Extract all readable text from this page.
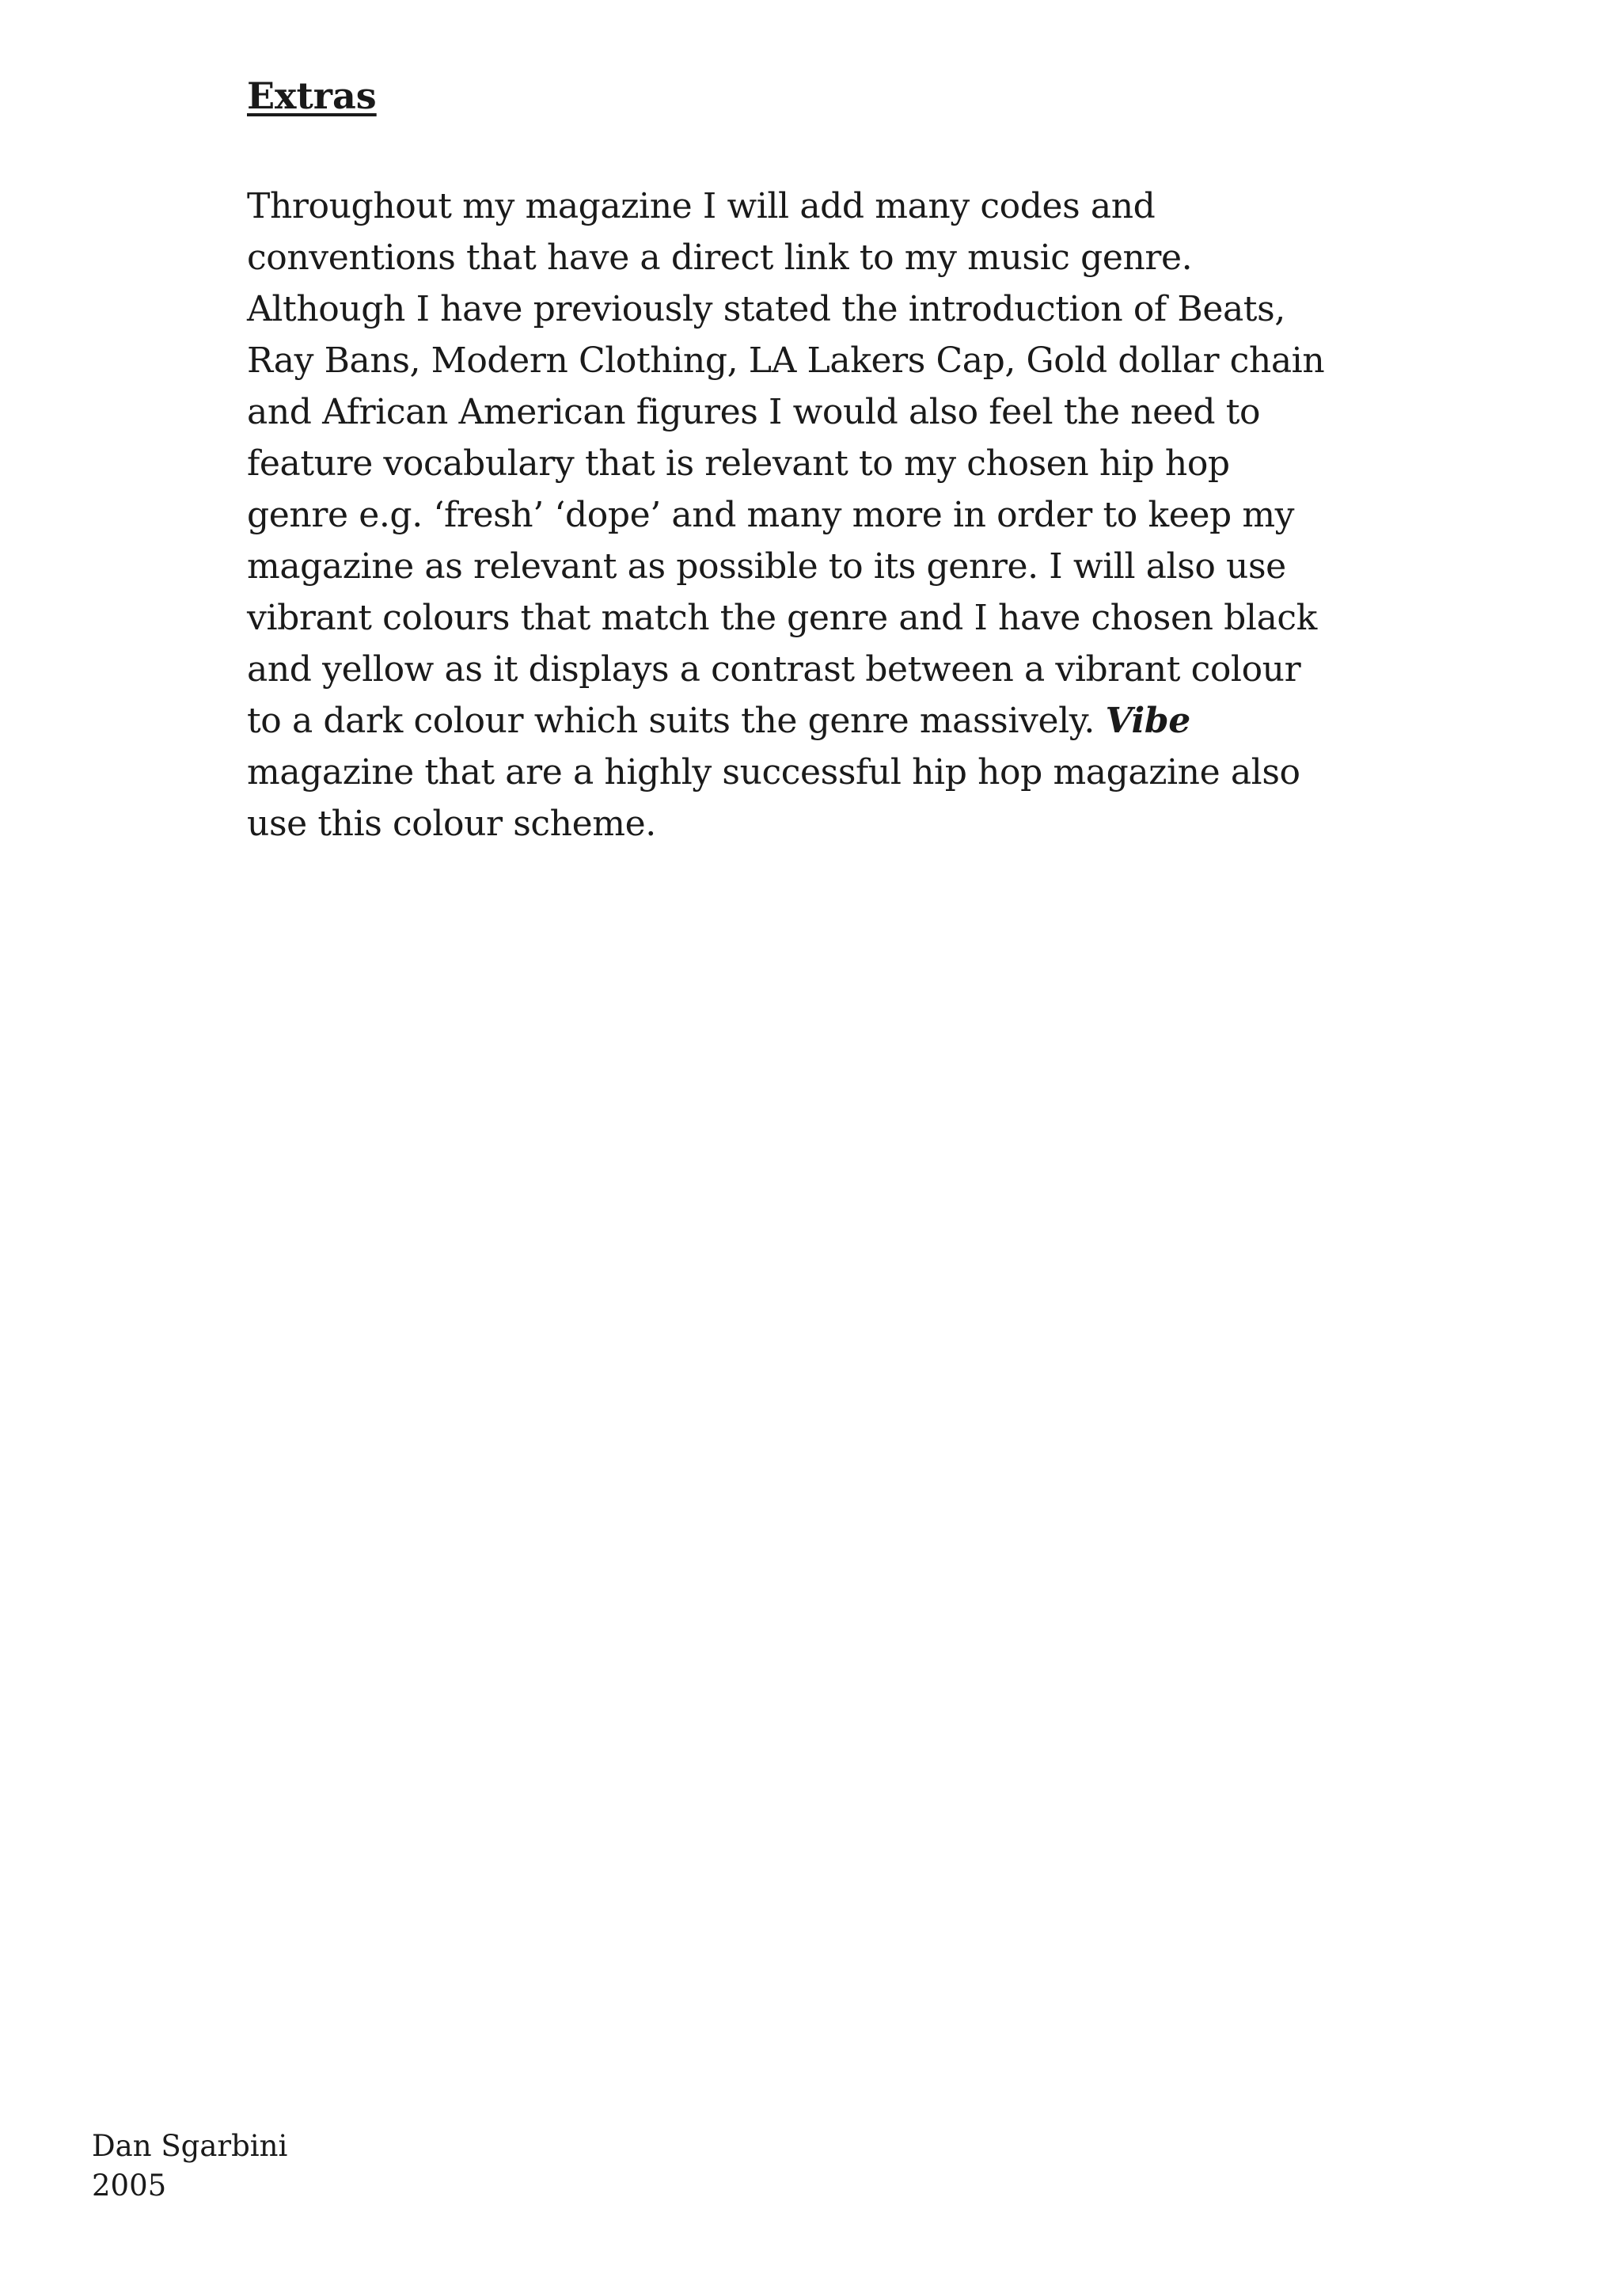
Extras

Throughout my magazine I will add many codes and
conventions that have a direct link to my music genre.
Although I have previously stated the introduction of Beats,
Ray Bans, Modern Clothing, LA Lakers Cap, Gold dollar chain
and African American figures I would also feel the need to
feature vocabulary that is relevant to my chosen hip hop
genre e.g. ‘fresh’ ‘dope’ and many more in order to keep my
magazine as relevant as possible to its genre. I will also use
vibrant colours that match the genre and I have chosen black
and yellow as it displays a contrast between a vibrant colour
to a dark colour which suits the genre massively. Vibe
magazine that are a highly successful hip hop magazine also
use this colour scheme.

Dan Sgarbini
2005
